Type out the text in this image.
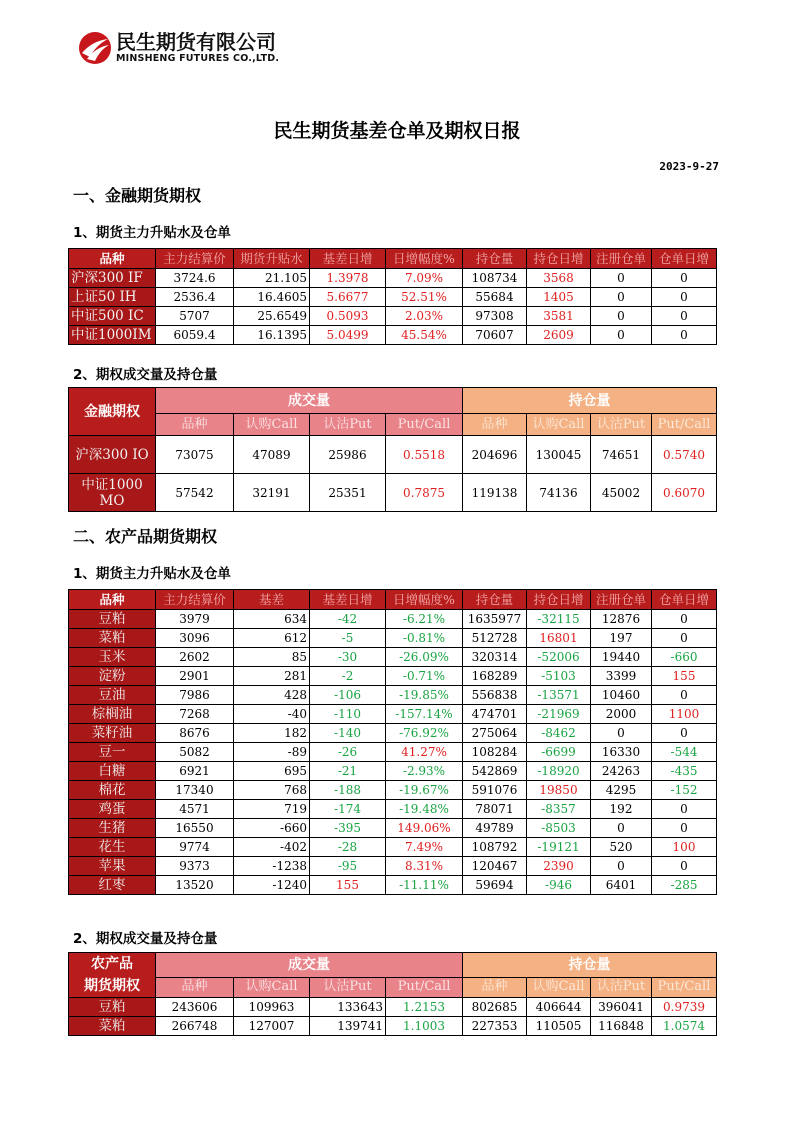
民生期货有限公司
MINSHENG FUTURES CO.,LTD.
民生期货基差仓单及期权日报
2023-9-27
一、金融期货期权
1、期货主力升贴水及仓单
品种	主力结算价	期货升贴水	基差日增	日增幅度%	持仓量	持仓日增	注册仓单	仓单日增
沪深300 IF	3724.6	21.105	1.3978	7.09%	108734	3568	0	0
上证50 IH	2536.4	16.4605	5.6677	52.51%	55684	1405	0	0
中证500 IC	5707	25.6549	0.5093	2.03%	97308	3581	0	0
中证1000IM	6059.4	16.1395	5.0499	45.54%	70607	2609	0	0
2、期权成交量及持仓量
金融期权	成交量				持仓量			
	品种	认购Call	认沽Put	Put/Call	品种	认购Call	认沽Put	Put/Call
沪深300 IO	73075	47089	25986	0.5518	204696	130045	74651	0.5740
中证1000 MO	57542	32191	25351	0.7875	119138	74136	45002	0.6070
二、农产品期货期权
1、期货主力升贴水及仓单
品种	主力结算价	基差	基差日增	日增幅度%	持仓量	持仓日增	注册仓单	仓单日增
豆粕	3979	634	-42	-6.21%	1635977	-32115	12876	0
菜粕	3096	612	-5	-0.81%	512728	16801	197	0
玉米	2602	85	-30	-26.09%	320314	-52006	19440	-660
淀粉	2901	281	-2	-0.71%	168289	-5103	3399	155
豆油	7986	428	-106	-19.85%	556838	-13571	10460	0
棕榈油	7268	-40	-110	-157.14%	474701	-21969	2000	1100
菜籽油	8676	182	-140	-76.92%	275064	-8462	0	0
豆一	5082	-89	-26	41.27%	108284	-6699	16330	-544
白糖	6921	695	-21	-2.93%	542869	-18920	24263	-435
棉花	17340	768	-188	-19.67%	591076	19850	4295	-152
鸡蛋	4571	719	-174	-19.48%	78071	-8357	192	0
生猪	16550	-660	-395	149.06%	49789	-8503	0	0
花生	9774	-402	-28	7.49%	108792	-19121	520	100
苹果	9373	-1238	-95	8.31%	120467	2390	0	0
红枣	13520	-1240	155	-11.11%	59694	-946	6401	-285
2、期权成交量及持仓量
农产品
期货期权	成交量				持仓量			
	品种	认购Call	认沽Put	Put/Call	品种	认购Call	认沽Put	Put/Call
豆粕	243606	109963	133643	1.2153	802685	406644	396041	0.9739
菜粕	266748	127007	139741	1.1003	227353	110505	116848	1.0574
